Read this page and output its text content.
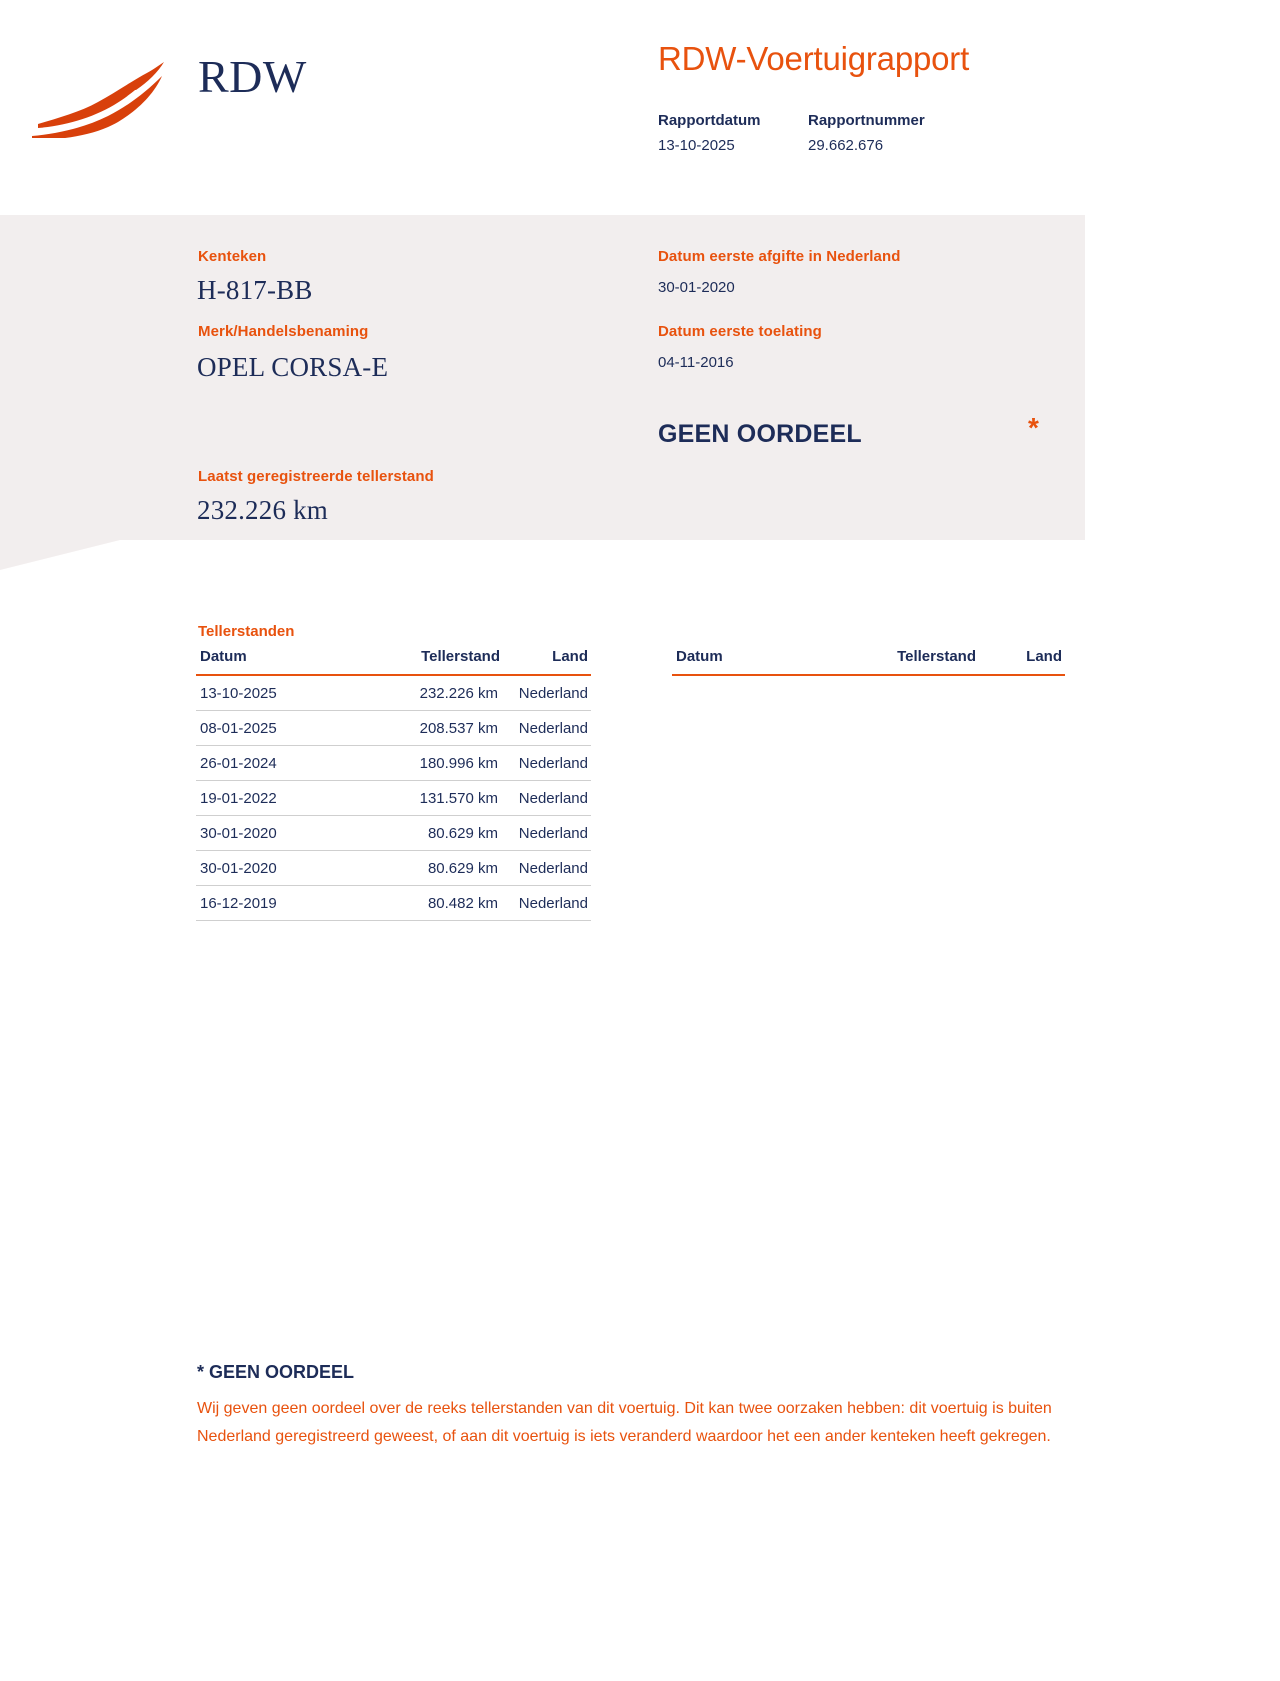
RDW	RDW-Voertuigrapport
Rapportdatum	Rapportnummer
13-10-2025	29.662.676
Kenteken
H-817-BB
Merk/Handelsbenaming
OPEL CORSA-E
Laatst geregistreerde tellerstand
232.226 km
Datum eerste afgifte in Nederland
30-01-2020
Datum eerste toelating
04-11-2016
GEEN OORDEEL	*
Tellerstanden
Datum	Tellerstand	Land
13-10-2025	232.226 km	Nederland
08-01-2025	208.537 km	Nederland
26-01-2024	180.996 km	Nederland
19-01-2022	131.570 km	Nederland
30-01-2020	80.629 km	Nederland
30-01-2020	80.629 km	Nederland
16-12-2019	80.482 km	Nederland
Datum	Tellerstand	Land
* GEEN OORDEEL
Wij geven geen oordeel over de reeks tellerstanden van dit voertuig. Dit kan twee oorzaken hebben: dit voertuig is buiten Nederland geregistreerd geweest, of aan dit voertuig is iets veranderd waardoor het een ander kenteken heeft gekregen.
